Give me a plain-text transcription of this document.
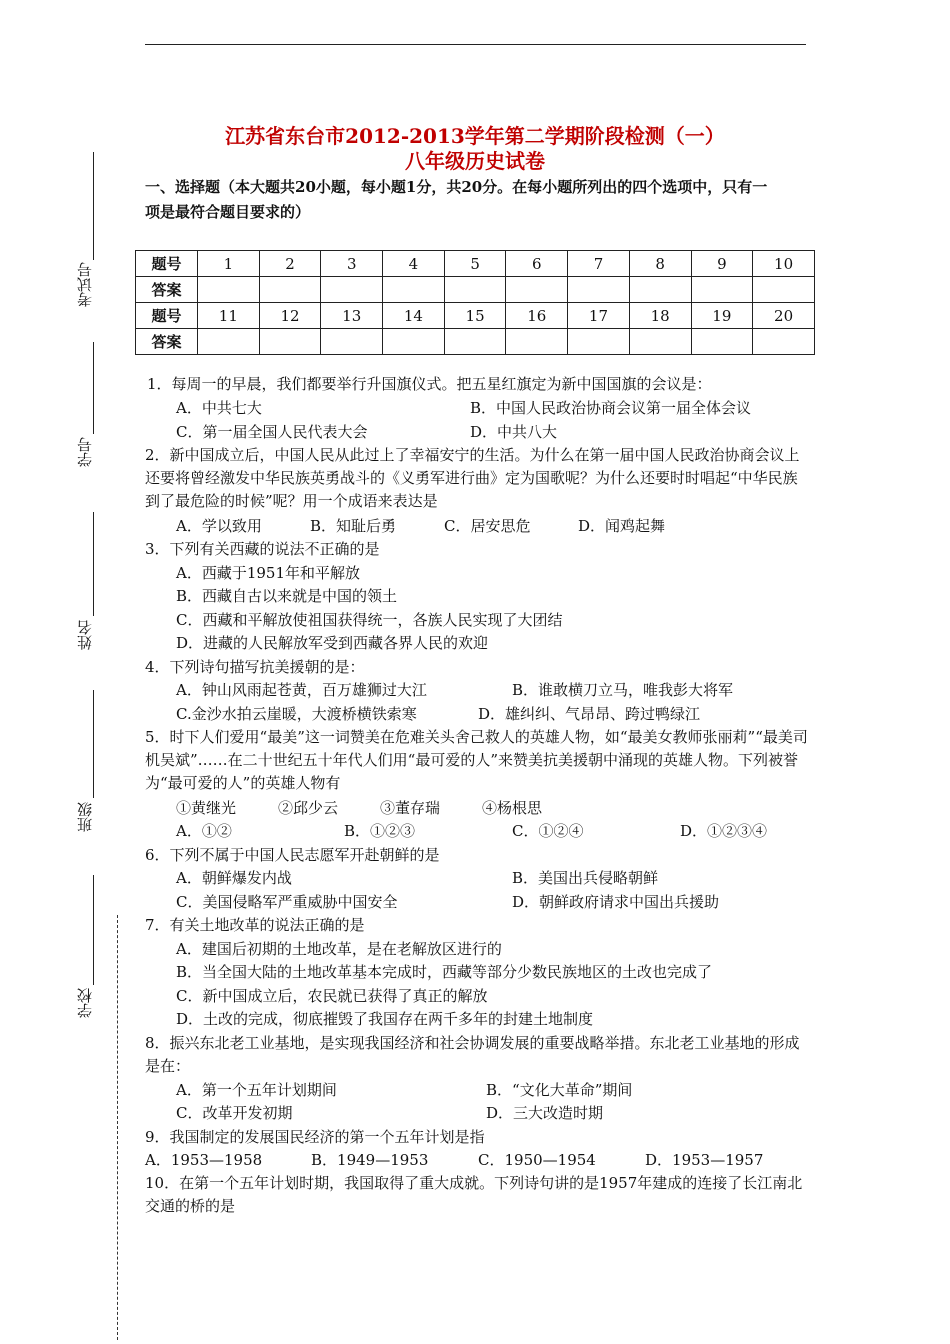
江苏省东台市2012-2013学年第二学期阶段检测（一）
八年级历史试卷
一、选择题（本大题共20小题，每小题1分，共20分。在每小题所列出的四个选项中，只有一
项是最符合题目要求的）
题号	1	2	3	4	5	6	7	8	9	10
答案										
题号	11	12	13	14	15	16	17	18	19	20
答案										
考试号
学号
姓名
班级
学校
1．每周一的早晨，我们都要举行升国旗仪式。把五星红旗定为新中国国旗的会议是：
A．中共七大	B．中国人民政治协商会议第一届全体会议
C．第一届全国人民代表大会	D．中共八大
2．新中国成立后，中国人民从此过上了幸福安宁的生活。为什么在第一届中国人民政治协商会议上还要将曾经激发中华民族英勇战斗的《义勇军进行曲》定为国歌呢？为什么还要时时唱起“中华民族到了最危险的时候”呢？用一个成语来表达是
A．学以致用	B．知耻后勇	C．居安思危	D．闻鸡起舞
3．下列有关西藏的说法不正确的是
A．西藏于1951年和平解放
B．西藏自古以来就是中国的领土
C．西藏和平解放使祖国获得统一，各族人民实现了大团结
D．进藏的人民解放军受到西藏各界人民的欢迎
4．下列诗句描写抗美援朝的是：
A．钟山风雨起苍黄，百万雄狮过大江	B．谁敢横刀立马，唯我彭大将军
C.金沙水拍云崖暖，大渡桥横铁索寒	D．雄纠纠、气昂昂、跨过鸭绿江
5．时下人们爱用“最美”这一词赞美在危难关头舍己救人的英雄人物，如“最美女教师张丽莉”“最美司机吴斌”……在二十世纪五十年代人们用“最可爱的人”来赞美抗美援朝中涌现的英雄人物。下列被誉为“最可爱的人”的英雄人物有
①黄继光	②邱少云	③董存瑞	④杨根思
A．①②	B．①②③	C．①②④	D．①②③④
6．下列不属于中国人民志愿军开赴朝鲜的是
A．朝鲜爆发内战	B．美国出兵侵略朝鲜
C．美国侵略军严重威胁中国安全	D．朝鲜政府请求中国出兵援助
7．有关土地改革的说法正确的是
A．建国后初期的土地改革，是在老解放区进行的
B．当全国大陆的土地改革基本完成时，西藏等部分少数民族地区的土改也完成了
C．新中国成立后，农民就已获得了真正的解放
D．土改的完成，彻底摧毁了我国存在两千多年的封建土地制度
8．振兴东北老工业基地，是实现我国经济和社会协调发展的重要战略举措。东北老工业基地的形成是在：
A．第一个五年计划期间	B．“文化大革命”期间
C．改革开发初期	D．三大改造时期
9．我国制定的发展国民经济的第一个五年计划是指
A．1953—1958	B．1949—1953	C．1950—1954	D．1953—1957
10．在第一个五年计划时期，我国取得了重大成就。下列诗句讲的是1957年建成的连接了长江南北交通的桥的是
